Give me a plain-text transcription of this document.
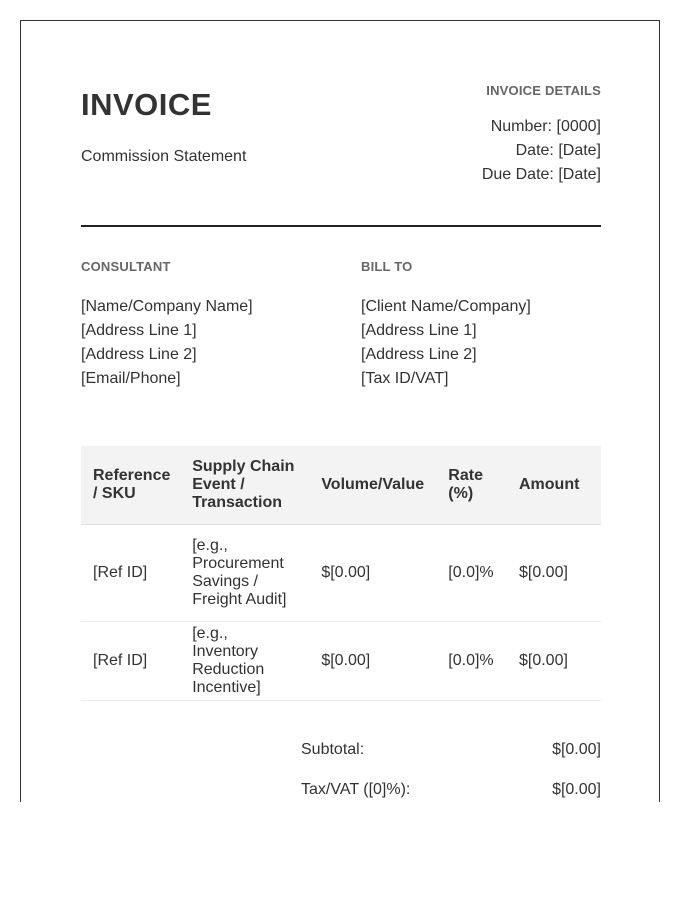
INVOICE
Commission Statement
INVOICE DETAILS
Number: [0000]
Date: [Date]
Due Date: [Date]
CONSULTANT
[Name/Company Name]
[Address Line 1]
[Address Line 2]
[Email/Phone]
BILL TO
[Client Name/Company]
[Address Line 1]
[Address Line 2]
[Tax ID/VAT]
Reference / SKU	Supply Chain Event / Transaction	Volume/Value	Rate (%)	Amount
[Ref ID]	[e.g., Procurement Savings / Freight Audit]	$[0.00]	[0.0]%	$[0.00]
[Ref ID]	[e.g., Inventory Reduction Incentive]	$[0.00]	[0.0]%	$[0.00]
Subtotal:	$[0.00]
Tax/VAT ([0]%):	$[0.00]
